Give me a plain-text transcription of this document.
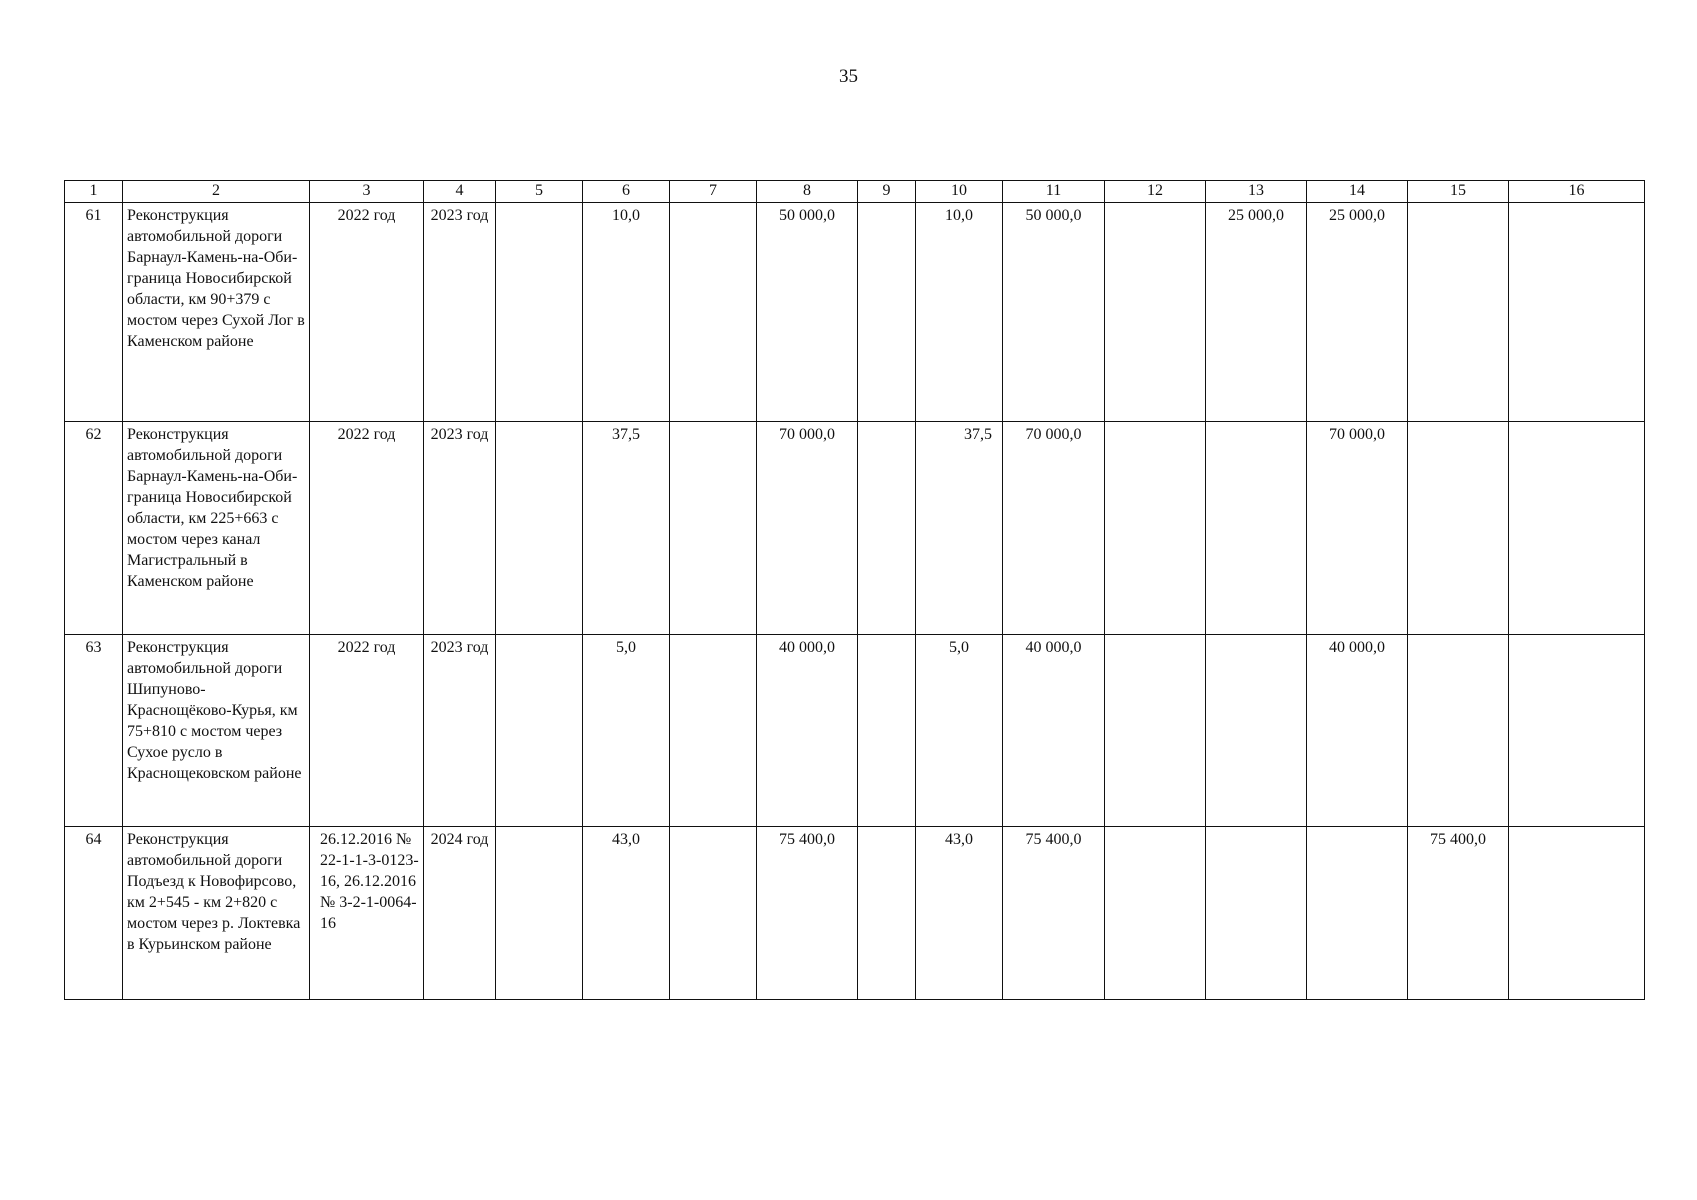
35
1	2	3	4	5	6	7	8	9	10	11	12	13	14	15	16
61	Реконструкция автомобильной дороги Барнаул-Камень-на-Оби-граница Новосибирской области, км 90+379 с мостом через Сухой Лог в Каменском районе	2022 год	2023 год		10,0		50 000,0		10,0	50 000,0		25 000,0	25 000,0		
62	Реконструкция автомобильной дороги Барнаул-Камень-на-Оби-граница Новосибирской области, км 225+663 с мостом через канал Магистральный в Каменском районе	2022 год	2023 год		37,5		70 000,0		37,5	70 000,0			70 000,0		
63	Реконструкция автомобильной дороги Шипуново-Краснощёково-Курья, км 75+810 с мостом через Сухое русло в Краснощековском районе	2022 год	2023 год		5,0		40 000,0		5,0	40 000,0			40 000,0		
64	Реконструкция автомобильной дороги Подъезд к Новофирсово, км 2+545 - км 2+820 с мостом через р. Локтевка в Курьинском районе	26.12.2016 № 22-1-1-3-0123-16, 26.12.2016 № 3-2-1-0064-16	2024 год		43,0		75 400,0		43,0	75 400,0				75 400,0	
